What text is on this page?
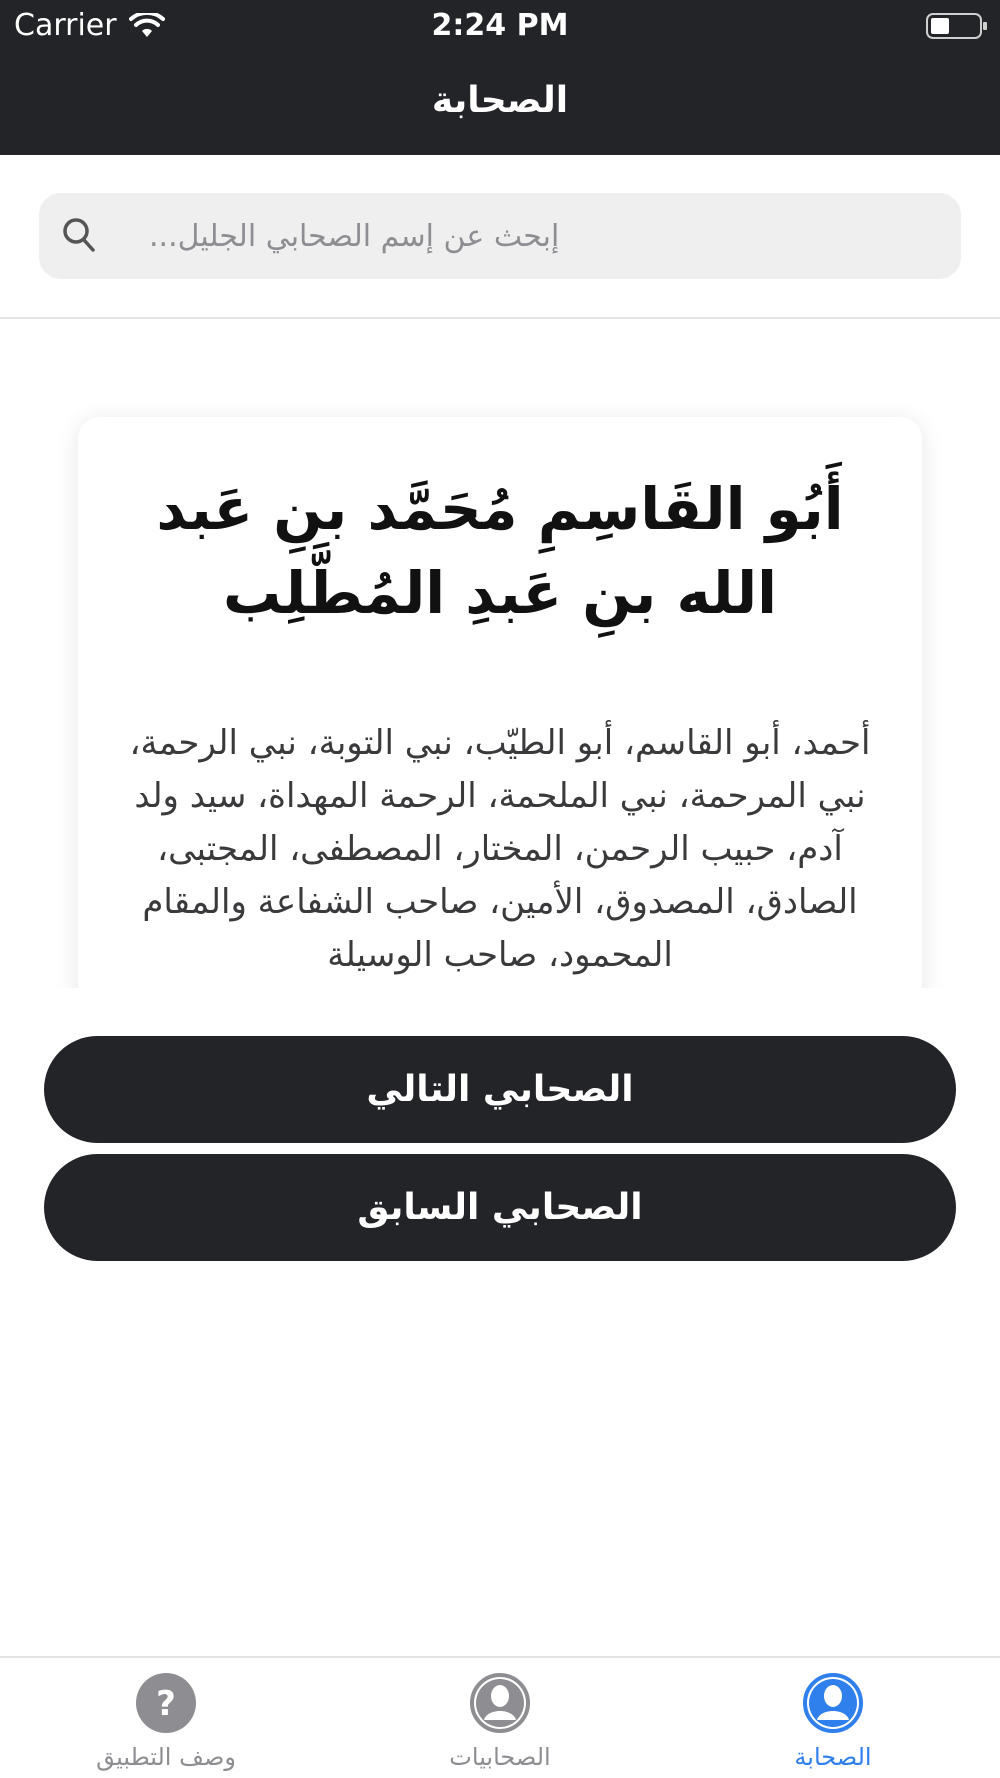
Carrier	2:24 PM
الصحابة
إبحث عن إسم الصحابي الجليل...
أَبُو القَاسِمِ مُحَمَّد بنِ عَبد الله بنِ عَبدِ المُطَّلِب
أحمد، أبو القاسم، أبو الطيّب، نبي التوبة، نبي الرحمة، نبي المرحمة، نبي الملحمة، الرحمة المهداة، سيد ولد آدم، حبيب الرحمن، المختار، المصطفى، المجتبى، الصادق، المصدوق، الأمين، صاحب الشفاعة والمقام المحمود، صاحب الوسيلة
الصحابي التالي
الصحابي السابق
?
وصف التطبيق	الصحابيات	الصحابة
